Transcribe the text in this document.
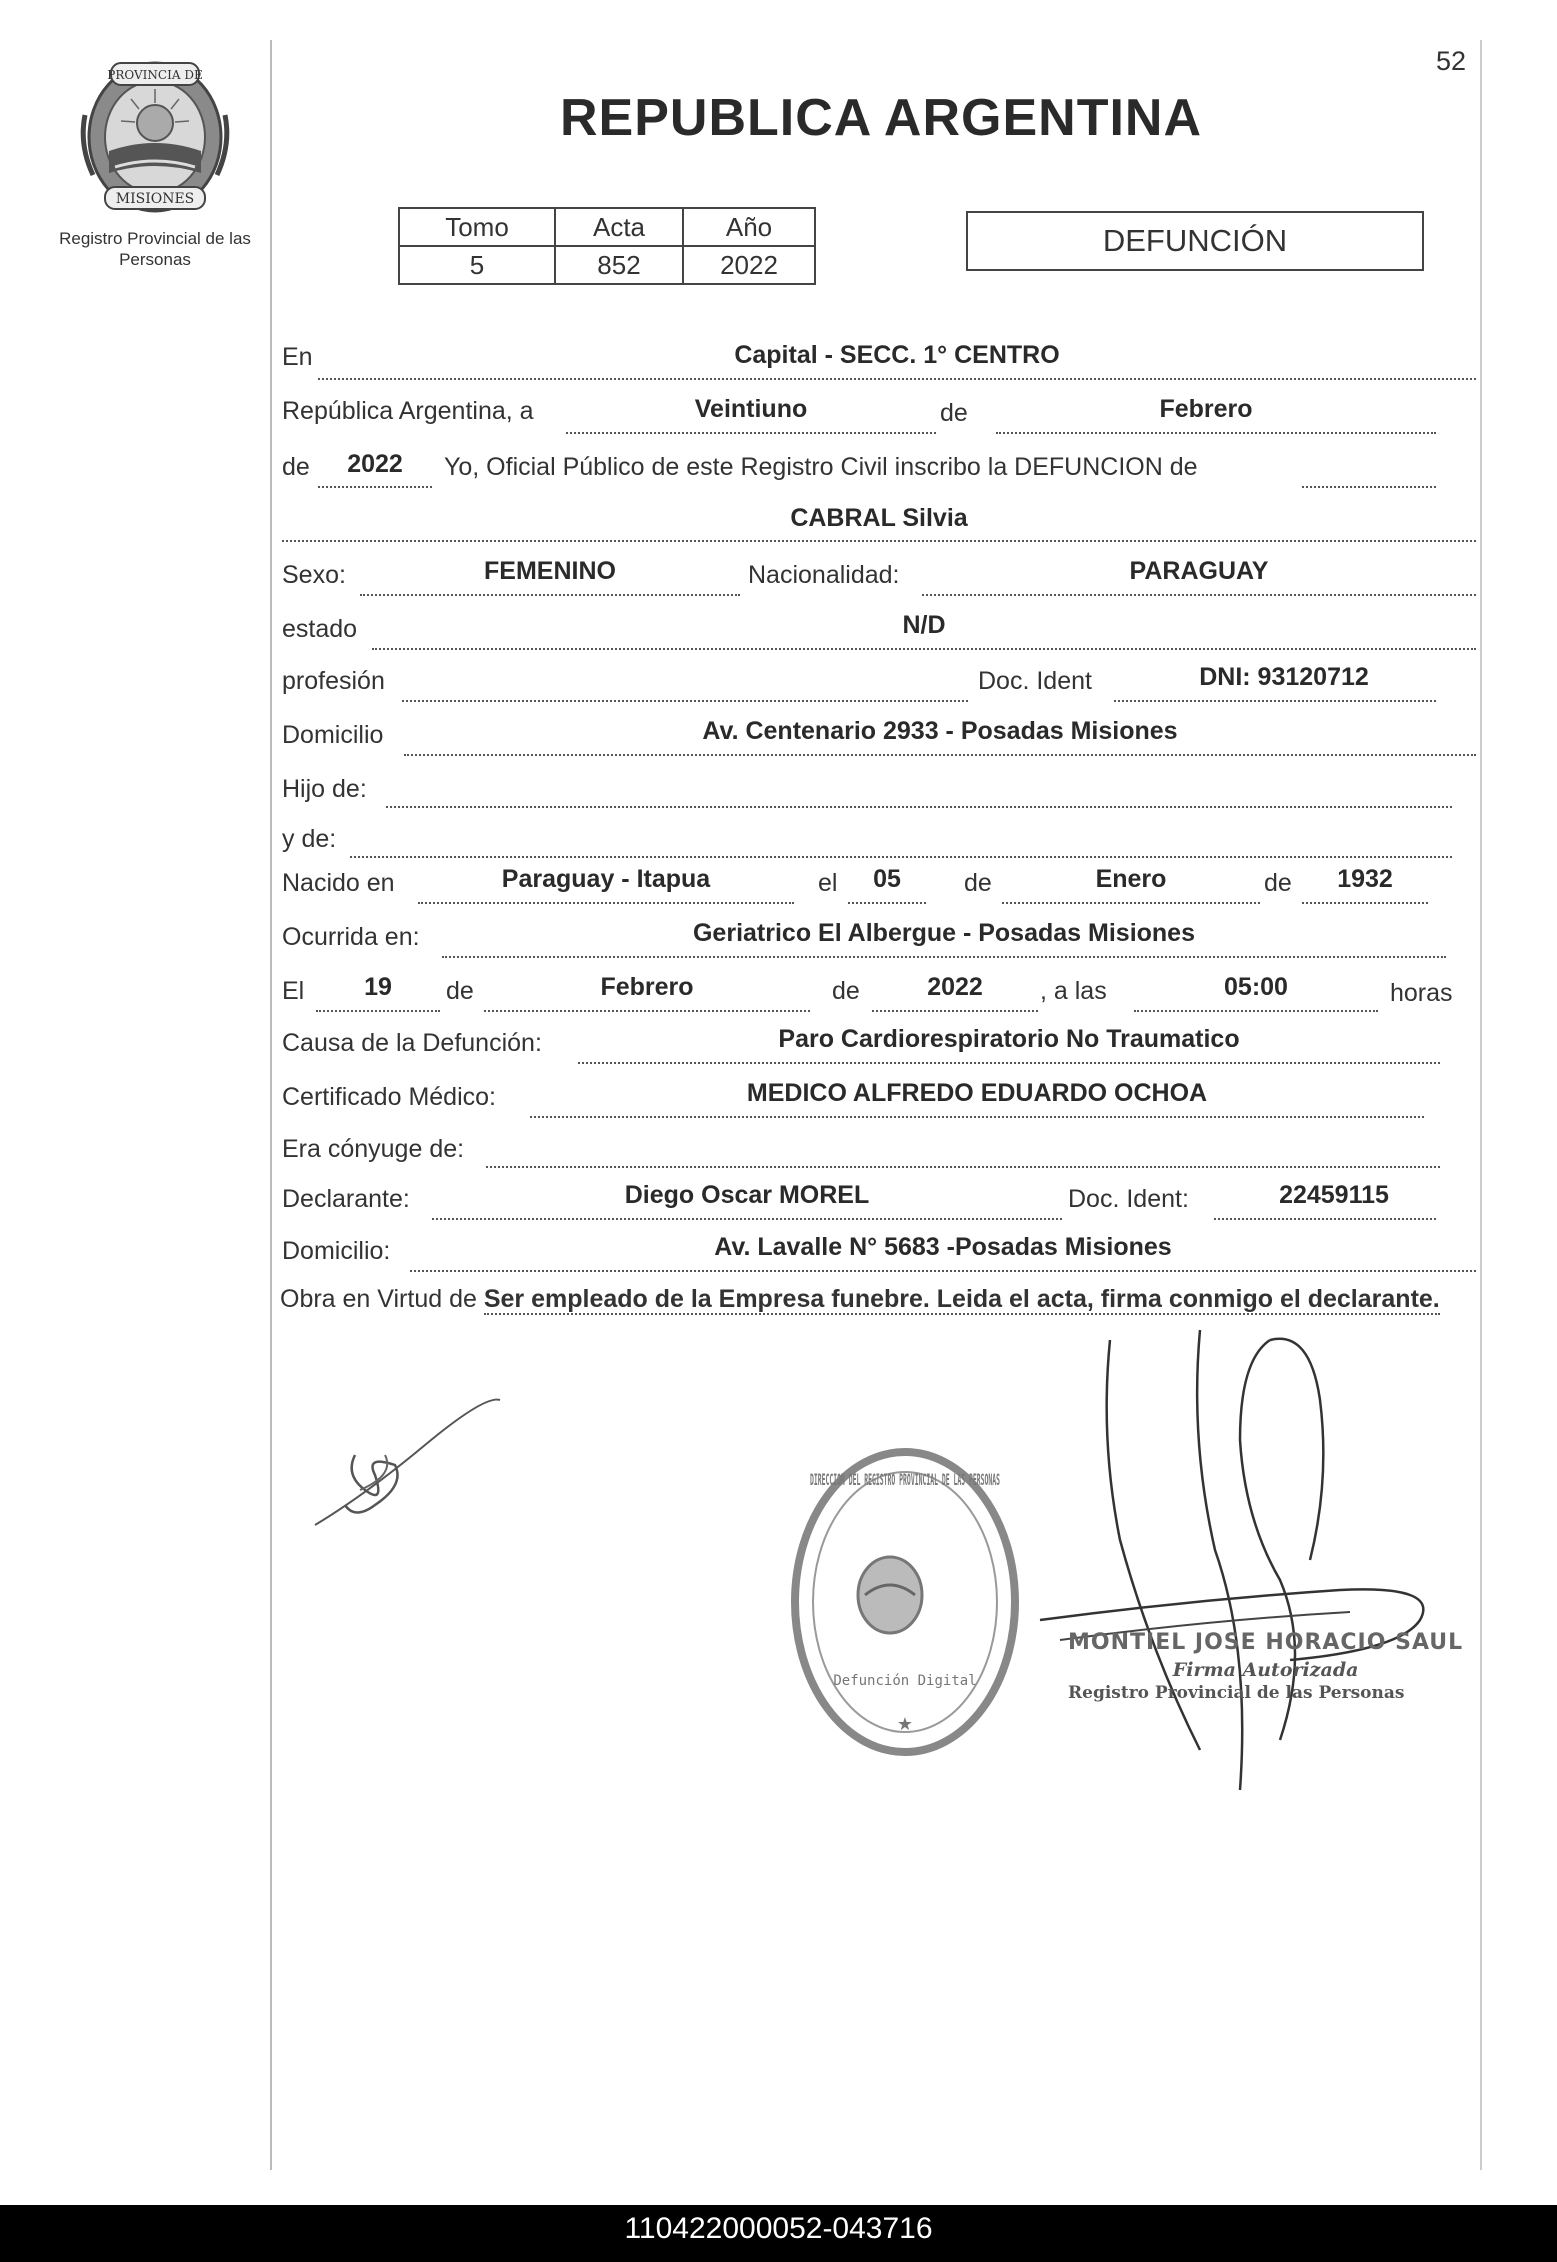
52
PROVINCIA DE
MISIONES
Registro Provincial de las Personas
REPUBLICA ARGENTINA
Tomo	Acta	Año
5	852	2022
DEFUNCIÓN
En	Capital - SECC. 1° CENTRO
República Argentina, a	Veintiuno	de	Febrero
de	2022	Yo, Oficial Público de este Registro Civil inscribo la DEFUNCION de
CABRAL Silvia
Sexo:	FEMENINO	Nacionalidad:	PARAGUAY
estado	N/D
profesión	Doc. Ident	DNI: 93120712
Domicilio	Av. Centenario 2933 - Posadas Misiones
Hijo de:
y de:
Nacido en	Paraguay - Itapua	el	05	de	Enero	de	1932
Ocurrida en:	Geriatrico El Albergue - Posadas Misiones
El	19	de	Febrero	de	2022	, a las	05:00	horas
Causa de la Defunción:	Paro Cardiorespiratorio No Traumatico
Certificado Médico:	MEDICO ALFREDO EDUARDO OCHOA
Era cónyuge de:
Declarante:	Diego Oscar MOREL	Doc. Ident:	22459115
Domicilio:	Av. Lavalle N° 5683 -Posadas Misiones
Obra en Virtud de Ser empleado de la Empresa funebre. Leida el acta, firma conmigo el declarante.
DIRECCION DEL REGISTRO PROVINCIAL DE LAS PERSONAS
Defunción Digital
★
MONTIEL JOSE HORACIO SAUL
Firma Autorizada
Registro Provincial de las Personas
110422000052-043716
